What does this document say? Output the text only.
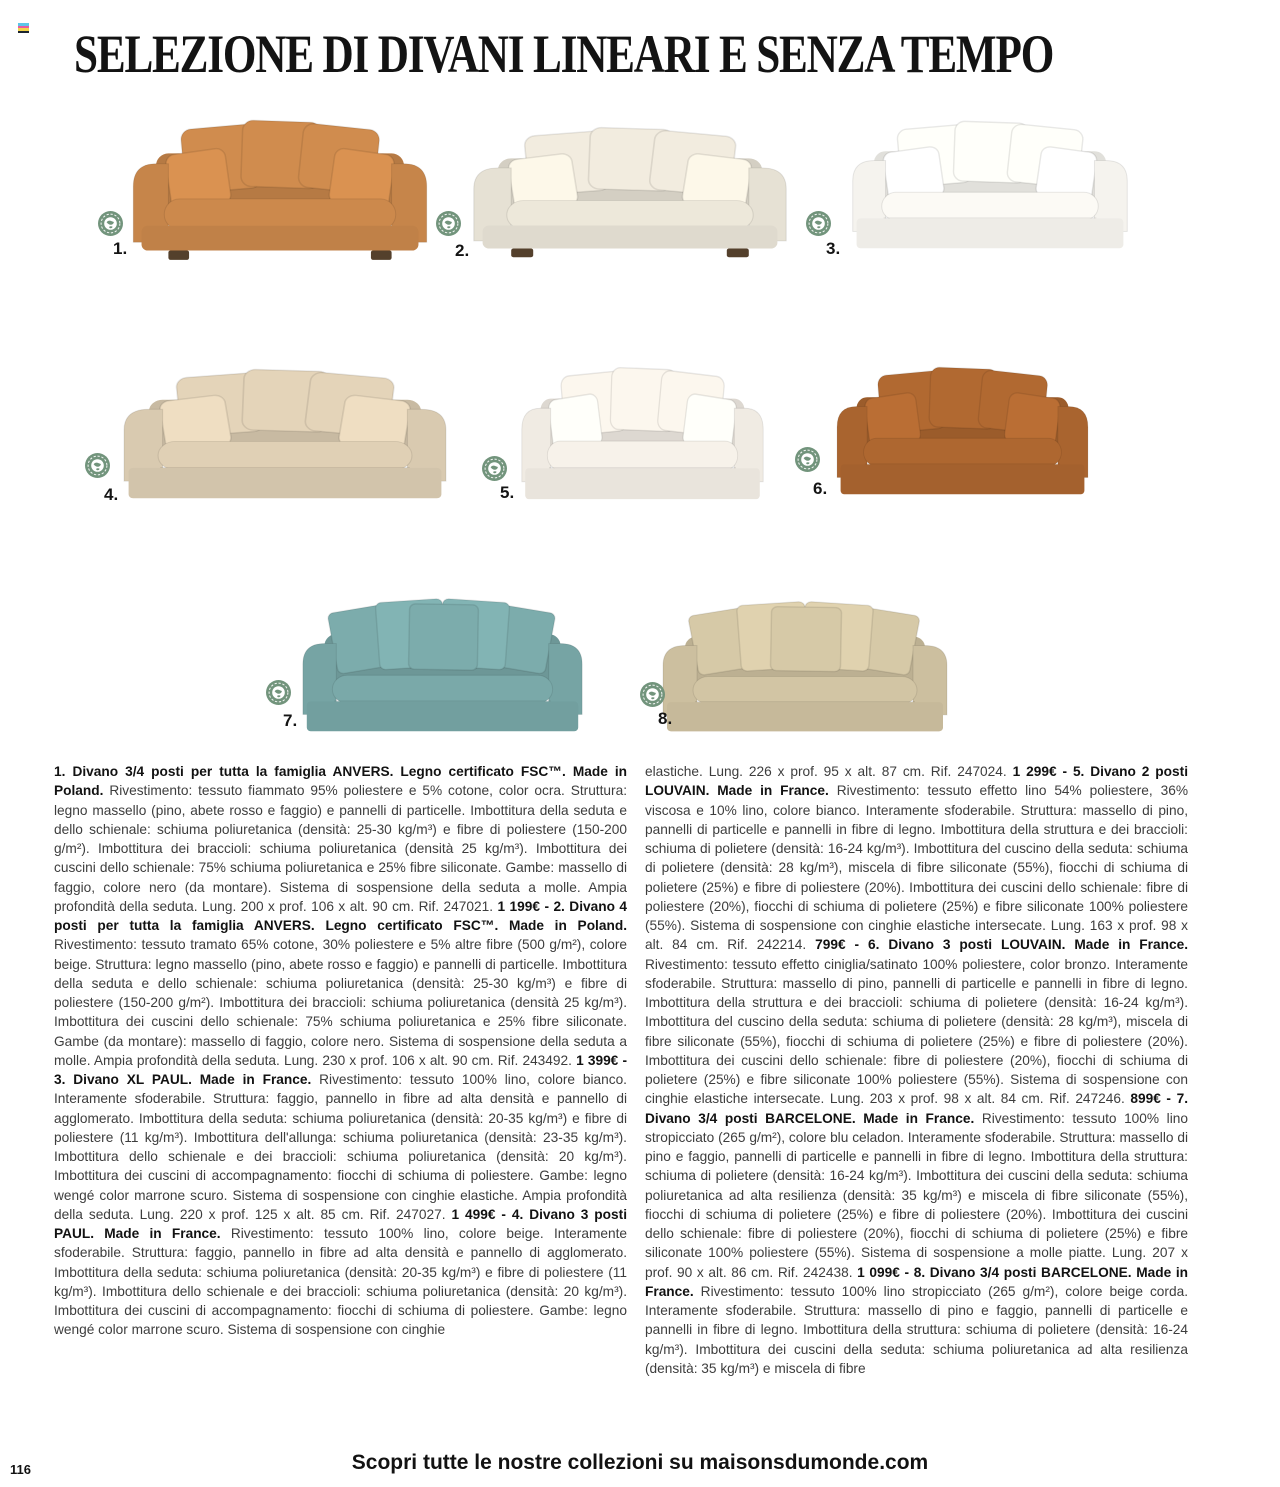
SELEZIONE DI DIVANI LINEARI E SENZA TEMPO
1.	2.	3.
4.	5.	6.
7.	8.
1. Divano 3/4 posti per tutta la famiglia ANVERS. Legno certificato FSC™. Made in Poland. Rivestimento: tessuto fiammato 95% poliestere e 5% cotone, color ocra. Struttura: legno massello (pino, abete rosso e faggio) e pannelli di particelle. Imbottitura della seduta e dello schienale: schiuma poliuretanica (densità: 25-30 kg/m³) e fibre di poliestere (150-200 g/m²). Imbottitura dei braccioli: schiuma poliuretanica (densità 25 kg/m³). Imbottitura dei cuscini dello schienale: 75% schiuma poliuretanica e 25% fibre siliconate. Gambe: massello di faggio, colore nero (da montare). Sistema di sospensione della seduta a molle. Ampia profondità della seduta. Lung. 200 x prof. 106 x alt. 90 cm. Rif. 247021. 1 199€ - 2. Divano 4 posti per tutta la famiglia ANVERS. Legno certificato FSC™. Made in Poland. Rivestimento: tessuto tramato 65% cotone, 30% poliestere e 5% altre fibre (500 g/m²), colore beige. Struttura: legno massello (pino, abete rosso e faggio) e pannelli di particelle. Imbottitura della seduta e dello schienale: schiuma poliuretanica (densità: 25-30 kg/m³) e fibre di poliestere (150-200 g/m²). Imbottitura dei braccioli: schiuma poliuretanica (densità 25 kg/m³). Imbottitura dei cuscini dello schienale: 75% schiuma poliuretanica e 25% fibre siliconate. Gambe (da montare): massello di faggio, colore nero. Sistema di sospensione della seduta a molle. Ampia profondità della seduta. Lung. 230 x prof. 106 x alt. 90 cm. Rif. 243492. 1 399€ - 3. Divano XL PAUL. Made in France. Rivestimento: tessuto 100% lino, colore bianco. Interamente sfoderabile. Struttura: faggio, pannello in fibre ad alta densità e pannello di agglomerato. Imbottitura della seduta: schiuma poliuretanica (densità: 20-35 kg/m³) e fibre di poliestere (11 kg/m³). Imbottitura dell'allunga: schiuma poliuretanica (densità: 23-35 kg/m³). Imbottitura dello schienale e dei braccioli: schiuma poliuretanica (densità: 20 kg/m³). Imbottitura dei cuscini di accompagnamento: fiocchi di schiuma di poliestere. Gambe: legno wengé color marrone scuro. Sistema di sospensione con cinghie elastiche. Ampia profondità della seduta. Lung. 220 x prof. 125 x alt. 85 cm. Rif. 247027. 1 499€ - 4. Divano 3 posti PAUL. Made in France. Rivestimento: tessuto 100% lino, colore beige. Interamente sfoderabile. Struttura: faggio, pannello in fibre ad alta densità e pannello di agglomerato. Imbottitura della seduta: schiuma poliuretanica (densità: 20-35 kg/m³) e fibre di poliestere (11 kg/m³). Imbottitura dello schienale e dei braccioli: schiuma poliuretanica (densità: 20 kg/m³). Imbottitura dei cuscini di accompagnamento: fiocchi di schiuma di poliestere. Gambe: legno wengé color marrone scuro. Sistema di sospensione con cinghie
elastiche. Lung. 226 x prof. 95 x alt. 87 cm. Rif. 247024. 1 299€ - 5. Divano 2 posti LOUVAIN. Made in France. Rivestimento: tessuto effetto lino 54% poliestere, 36% viscosa e 10% lino, colore bianco. Interamente sfoderabile. Struttura: massello di pino, pannelli di particelle e pannelli in fibre di legno. Imbottitura della struttura e dei braccioli: schiuma di polietere (densità: 16-24 kg/m³). Imbottitura del cuscino della seduta: schiuma di polietere (densità: 28 kg/m³), miscela di fibre siliconate (55%), fiocchi di schiuma di polietere (25%) e fibre di poliestere (20%). Imbottitura dei cuscini dello schienale: fibre di poliestere (20%), fiocchi di schiuma di polietere (25%) e fibre siliconate 100% poliestere (55%). Sistema di sospensione con cinghie elastiche intersecate. Lung. 163 x prof. 98 x alt. 84 cm. Rif. 242214. 799€ - 6. Divano 3 posti LOUVAIN. Made in France. Rivestimento: tessuto effetto ciniglia/satinato 100% poliestere, color bronzo. Interamente sfoderabile. Struttura: massello di pino, pannelli di particelle e pannelli in fibre di legno. Imbottitura della struttura e dei braccioli: schiuma di polietere (densità: 16-24 kg/m³). Imbottitura del cuscino della seduta: schiuma di polietere (densità: 28 kg/m³), miscela di fibre siliconate (55%), fiocchi di schiuma di polietere (25%) e fibre di poliestere (20%). Imbottitura dei cuscini dello schienale: fibre di poliestere (20%), fiocchi di schiuma di polietere (25%) e fibre siliconate 100% poliestere (55%). Sistema di sospensione con cinghie elastiche intersecate. Lung. 203 x prof. 98 x alt. 84 cm. Rif. 247246. 899€ - 7. Divano 3/4 posti BARCELONE. Made in France. Rivestimento: tessuto 100% lino stropicciato (265 g/m²), colore blu celadon. Interamente sfoderabile. Struttura: massello di pino e faggio, pannelli di particelle e pannelli in fibre di legno. Imbottitura della struttura: schiuma di polietere (densità: 16-24 kg/m³). Imbottitura dei cuscini della seduta: schiuma poliuretanica ad alta resilienza (densità: 35 kg/m³) e miscela di fibre siliconate (55%), fiocchi di schiuma di polietere (25%) e fibre di poliestere (20%). Imbottitura dei cuscini dello schienale: fibre di poliestere (20%), fiocchi di schiuma di polietere (25%) e fibre siliconate 100% poliestere (55%). Sistema di sospensione a molle piatte. Lung. 207 x prof. 90 x alt. 86 cm. Rif. 242438. 1 099€ - 8. Divano 3/4 posti BARCELONE. Made in France. Rivestimento: tessuto 100% lino stropicciato (265 g/m²), colore beige corda. Interamente sfoderabile. Struttura: massello di pino e faggio, pannelli di particelle e pannelli in fibre di legno. Imbottitura della struttura: schiuma di polietere (densità: 16-24 kg/m³). Imbottitura dei cuscini della seduta: schiuma poliuretanica ad alta resilienza (densità: 35 kg/m³) e miscela di fibre
Scopri tutte le nostre collezioni su maisonsdumonde.com
116
